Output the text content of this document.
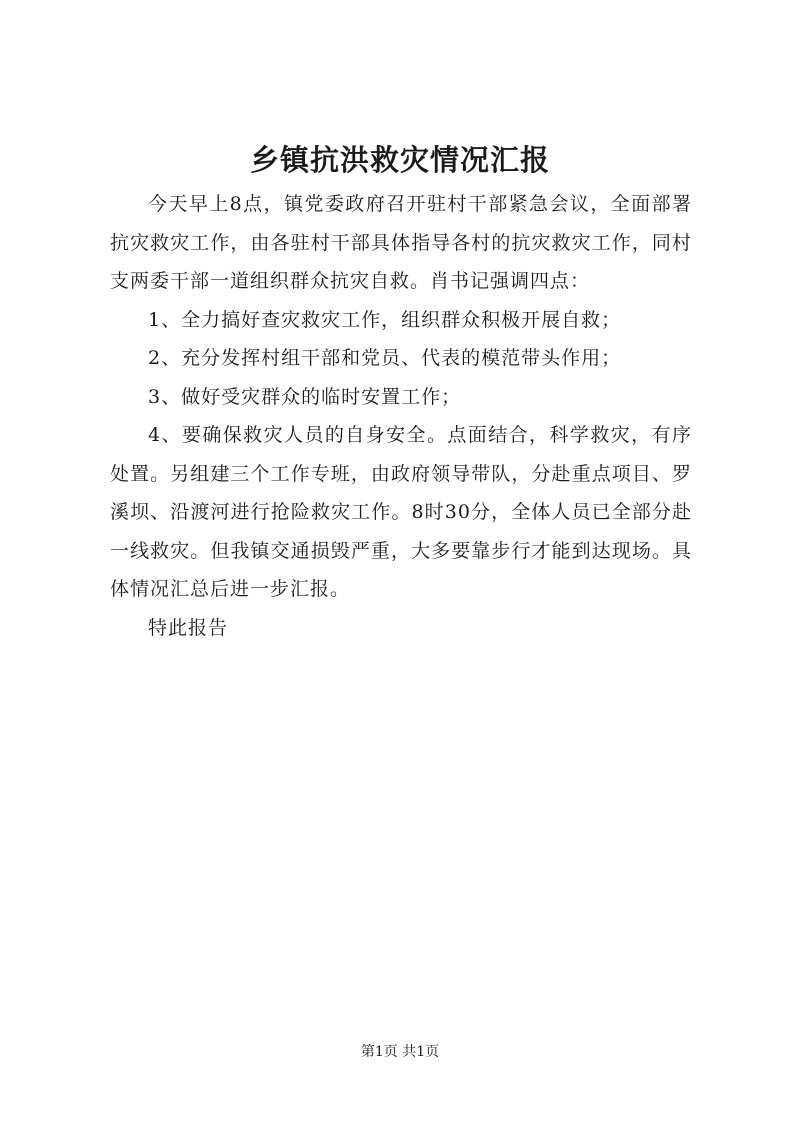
乡镇抗洪救灾情况汇报

今天早上8点，镇党委政府召开驻村干部紧急会议，全面部署抗灾救灾工作，由各驻村干部具体指导各村的抗灾救灾工作，同村支两委干部一道组织群众抗灾自救。肖书记强调四点：

1、全力搞好查灾救灾工作，组织群众积极开展自救；

2、充分发挥村组干部和党员、代表的模范带头作用；

3、做好受灾群众的临时安置工作；

4、要确保救灾人员的自身安全。点面结合，科学救灾，有序处置。另组建三个工作专班，由政府领导带队，分赴重点项目、罗溪坝、沿渡河进行抢险救灾工作。8时30分，全体人员已全部分赴一线救灾。但我镇交通损毁严重，大多要靠步行才能到达现场。具体情况汇总后进一步汇报。

特此报告

第1页 共1页
